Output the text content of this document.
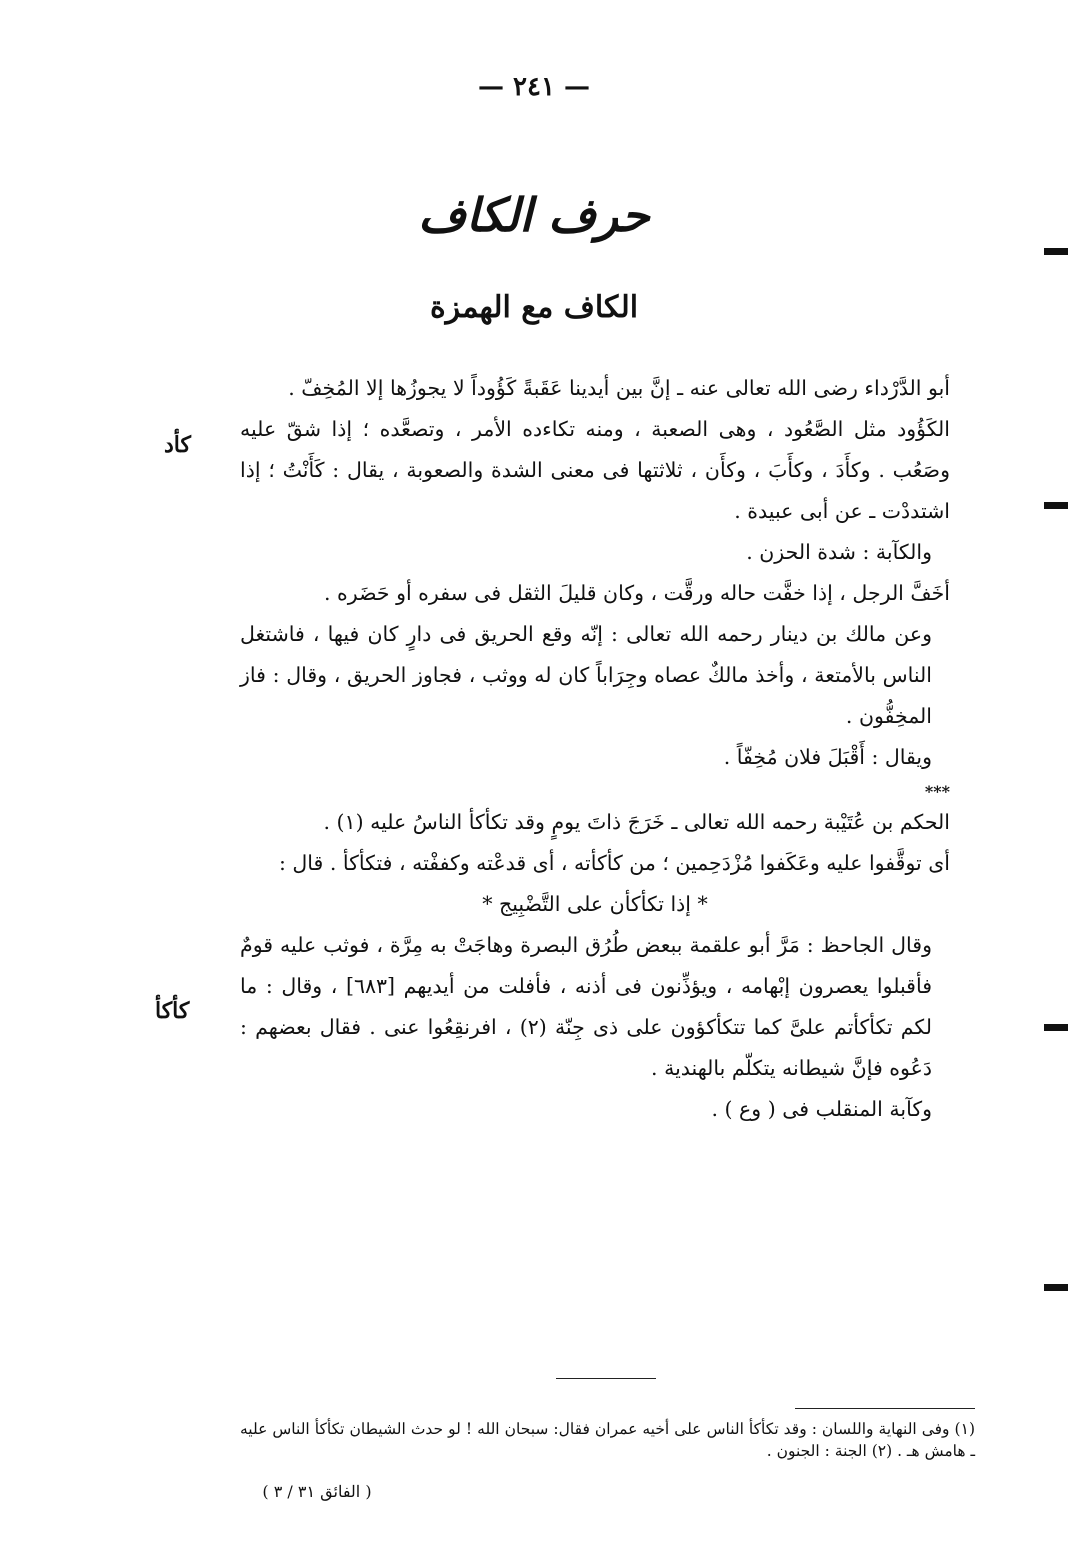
— ٢٤١ —
حرف الكاف
الكاف مع الهمزة
كأد
كأكأ

أبو الدَّرْداء رضى الله تعالى عنه ـ إنَّ بين أيدينا عَقَبةً كَؤُوداً لا يجوزُها إلا المُخِفّ .

الكَؤُود مثل الصَّعُود ، وهى الصعبة ، ومنه تكاءده الأمر ، وتصعَّده ؛ إذا شقّ عليه وصَعُب . وكأَدَ ، وكأَبَ ، وكأَن ، ثلاثتها فى معنى الشدة والصعوبة ، يقال : كَأَنْتُ ؛ إذا اشتددْت ـ عن أبى عبيدة .

والكآبة : شدة الحزن .

أخَفَّ الرجل ، إذا خفَّت حاله ورقَّت ، وكان قليلَ الثقل فى سفره أو حَضَره .

وعن مالك بن دينار رحمه الله تعالى : إنّه وقع الحريق فى دارٍ كان فيها ، فاشتغل الناس بالأمتعة ، وأخذ مالكٌ عصاه وجِرَاباً كان له ووثب ، فجاوز الحريق ، وقال : فاز المخِفُّون .

ويقال : أَقْبَلَ فلان مُخِفّاً .

***

الحكم بن عُتَيْبة رحمه الله تعالى ـ خَرَجَ ذاتَ يومٍ وقد تكأكأ الناسُ عليه (١) .

أى توقَّفوا عليه وعَكَفوا مُزْدَحِمين ؛ من كأكأته ، أى قدعْته وكففْته ، فتكأكأ . قال :

* إذا تكأكأن على التَّضْبِيج *

وقال الجاحظ : مَرَّ أبو علقمة ببعض طُرُق البصرة وهاجَتْ به مِرَّة ، فوثب عليه قومٌ فأقبلوا يعصرون إبْهامه ، ويؤذِّنون فى أذنه ، فأفلت من أيديهم [٦٨٣] ، وقال : ما لكم تكأكأتم علىَّ كما تتكأكؤون على ذى جِنّة (٢) ، افرنقِعُوا عنى . فقال بعضهم : دَعُوه فإنَّ شيطانه يتكلّم بالهندية .

وكآبة المنقلب فى ( وع ) .

(١) وفى النهاية واللسان : وقد تكأكأ الناس على أخيه عمران فقال: سبحان الله ! لو حدث الشيطان تكأكأ الناس عليه ـ هامش هـ . (٢) الجنة : الجنون .

( الفائق ٣١ / ٣ )
